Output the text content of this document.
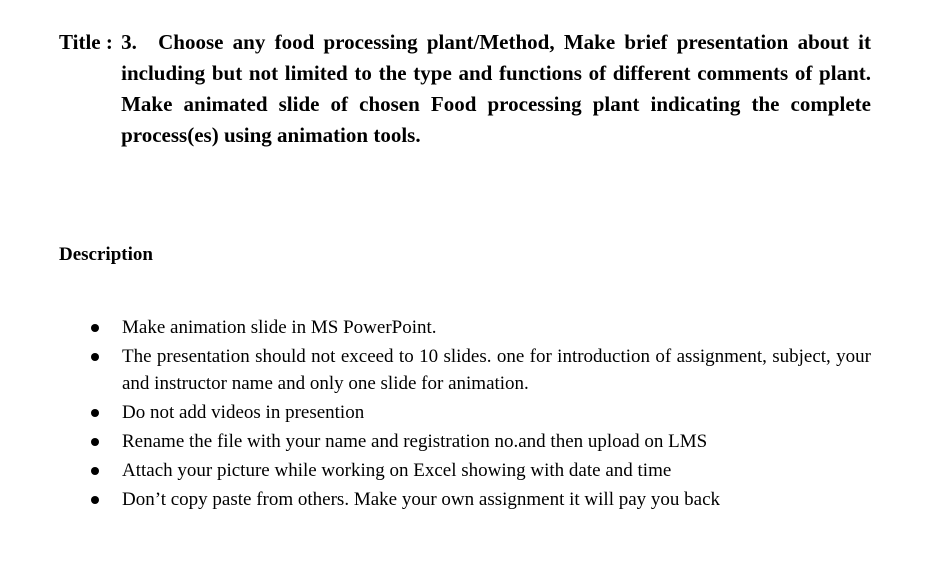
Title : 3. Choose any food processing plant/Method, Make brief presentation about it including but not limited to the type and functions of different comments of plant. Make animated slide of chosen Food processing plant indicating the complete process(es) using animation tools.
Description
Make animation slide in MS PowerPoint.
The presentation should not exceed to 10 slides. one for introduction of assignment, subject, your and instructor name and only one slide for animation.
Do not add videos in presention
Rename the file with your name and registration no.and then upload on LMS
Attach your picture while working on Excel showing with date and time
Don’t copy paste from others. Make your own assignment it will pay you back
